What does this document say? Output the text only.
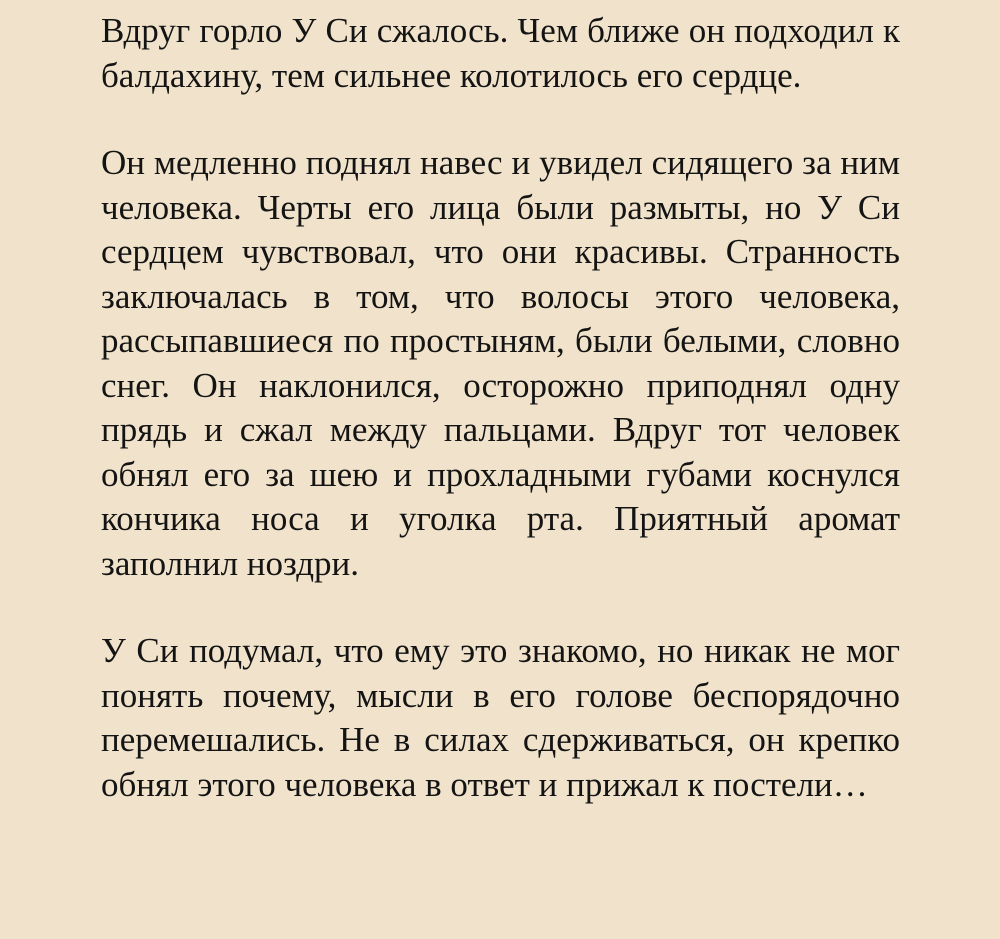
Вдруг горло У Си сжалось. Чем ближе он подходил к балдахину, тем сильнее колотилось его сердце.

Он медленно поднял навес и увидел сидящего за ним человека. Черты его лица были размыты, но У Си сердцем чувствовал, что они красивы. Странность заключалась в том, что волосы этого человека, рассыпавшиеся по простыням, были белыми, словно снег. Он наклонился, осторожно приподнял одну прядь и сжал между пальцами. Вдруг тот человек обнял его за шею и прохладными губами коснулся кончика носа и уголка рта. Приятный аромат заполнил ноздри.

У Си подумал, что ему это знакомо, но никак не мог понять почему, мысли в его голове беспорядочно перемешались. Не в силах сдерживаться, он крепко обнял этого человека в ответ и прижал к постели…
